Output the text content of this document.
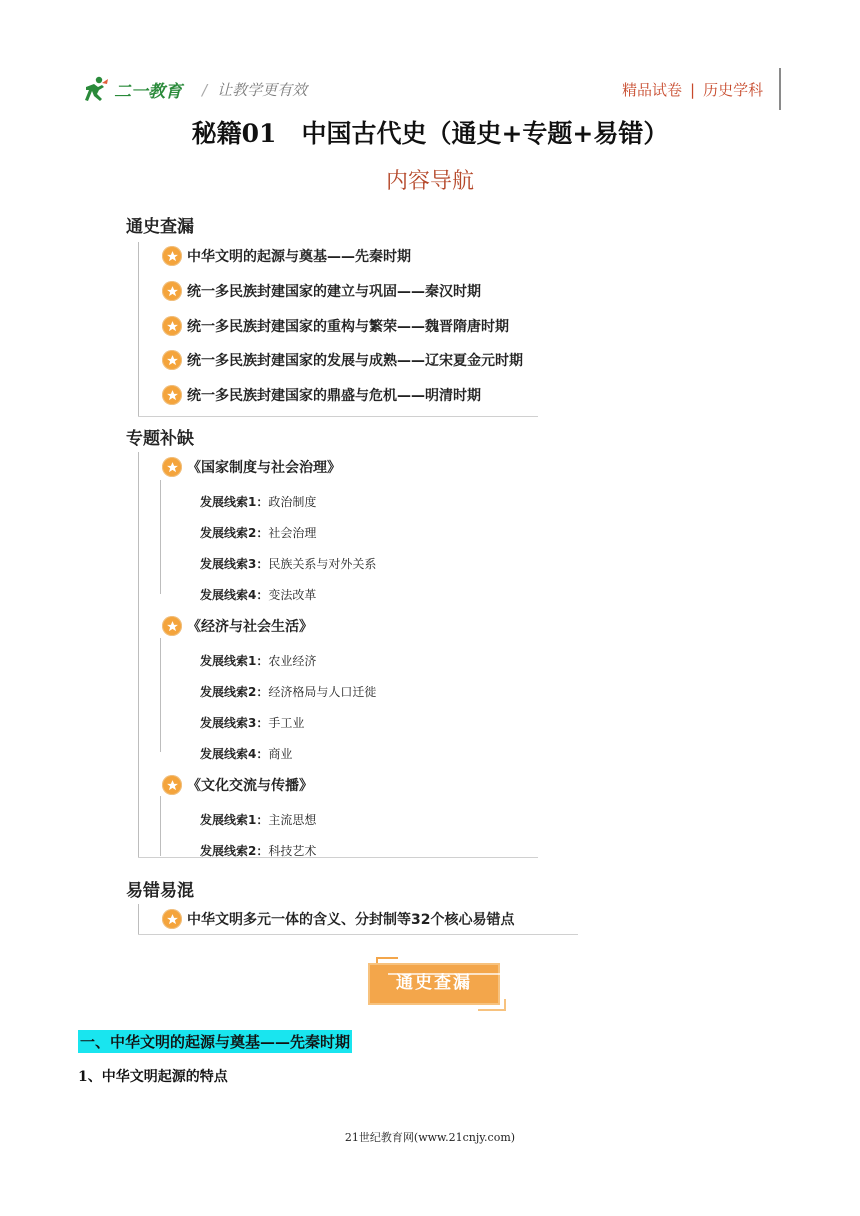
二一教育 / 让教学更有效	精品试卷 | 历史学科
秘籍01　中国古代史（通史+专题+易错）
内容导航
通史查漏
中华文明的起源与奠基——先秦时期
统一多民族封建国家的建立与巩固——秦汉时期
统一多民族封建国家的重构与繁荣——魏晋隋唐时期
统一多民族封建国家的发展与成熟——辽宋夏金元时期
统一多民族封建国家的鼎盛与危机——明清时期
专题补缺
《国家制度与社会治理》
发展线索1：政治制度
发展线索2：社会治理
发展线索3：民族关系与对外关系
发展线索4：变法改革
《经济与社会生活》
发展线索1：农业经济
发展线索2：经济格局与人口迁徙
发展线索3：手工业
发展线索4：商业
《文化交流与传播》
发展线索1：主流思想
发展线索2：科技艺术
易错易混
中华文明多元一体的含义、分封制等32个核心易错点
通史查漏
一、中华文明的起源与奠基——先秦时期
1、中华文明起源的特点
21世纪教育网(www.21cnjy.com)
